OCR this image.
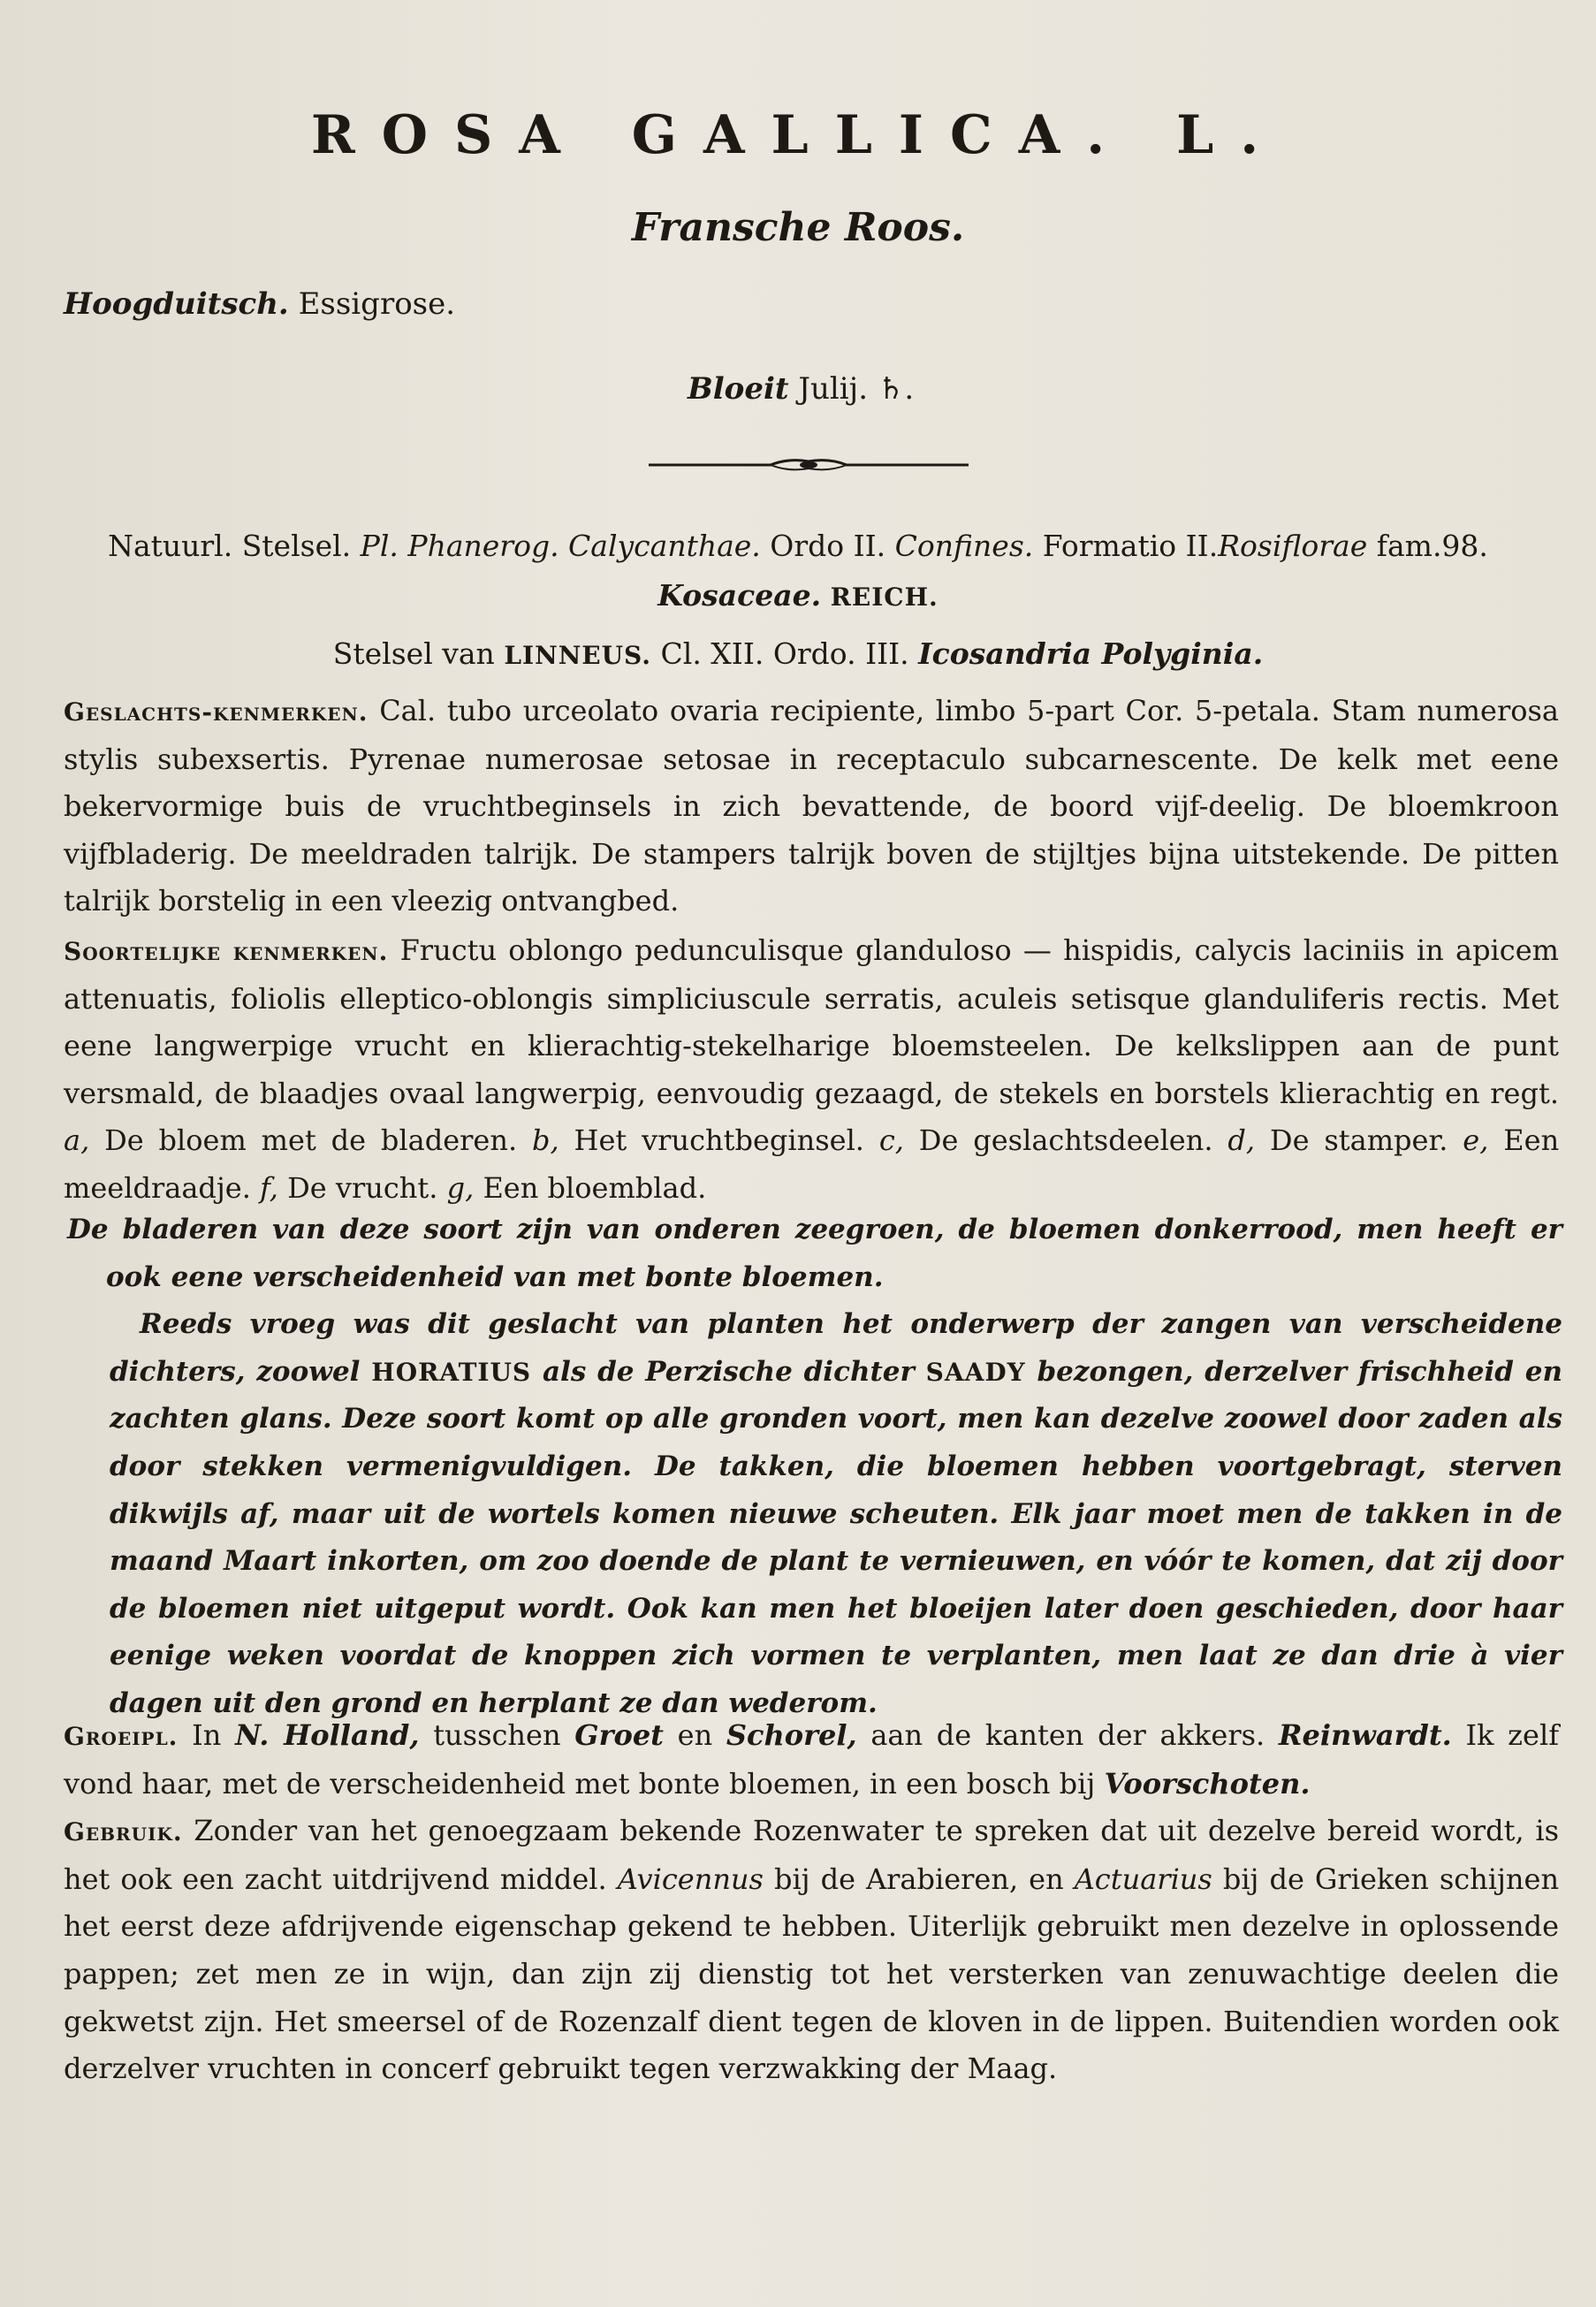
ROSA GALLICA. L.
Fransche Roos.
Hoogduitsch. Essigrose.
Bloeit Julij. ♄.
Natuurl. Stelsel. Pl. Phanerog. Calycanthae. Ordo II. Confines. Formatio II.Rosiflorae fam.98.
Kosaceae. REICH.
Stelsel van LINNEUS. Cl. XII. Ordo. III. Icosandria Polyginia.

Geslachts-kenmerken. Cal. tubo urceolato ovaria recipiente, limbo 5-part Cor. 5-petala. Stam numerosa stylis subexsertis. Pyrenae numerosae setosae in receptaculo subcarnescente. De kelk met eene bekervormige buis de vruchtbeginsels in zich bevattende, de boord vijf-deelig. De bloemkroon vijfbladerig. De meeldraden talrijk. De stampers talrijk boven de stijltjes bijna uitstekende. De pitten talrijk borstelig in een vleezig ontvangbed.

Soortelijke kenmerken. Fructu oblongo pedunculisque glanduloso — hispidis, calycis laciniis in apicem attenuatis, foliolis elleptico-oblongis simpliciuscule serratis, aculeis setisque glanduliferis rectis. Met eene langwerpige vrucht en klierachtig-stekelharige bloemsteelen. De kelkslippen aan de punt versmald, de blaadjes ovaal langwerpig, eenvoudig gezaagd, de stekels en borstels klierachtig en regt. a, De bloem met de bladeren. b, Het vruchtbeginsel. c, De geslachtsdeelen. d, De stamper. e, Een meeldraadje. f, De vrucht. g, Een bloemblad.

De bladeren van deze soort zijn van onderen zeegroen, de bloemen donkerrood, men heeft er ook eene verscheidenheid van met bonte bloemen.

Reeds vroeg was dit geslacht van planten het onderwerp der zangen van verscheidene dichters, zoowel HORATIUS als de Perzische dichter SAADY bezongen, derzelver frischheid en zachten glans. Deze soort komt op alle gronden voort, men kan dezelve zoowel door zaden als door stekken vermenigvuldigen. De takken, die bloemen hebben voortgebragt, sterven dikwijls af, maar uit de wortels komen nieuwe scheuten. Elk jaar moet men de takken in de maand Maart inkorten, om zoo doende de plant te vernieuwen, en vóór te komen, dat zij door de bloemen niet uitgeput wordt. Ook kan men het bloeijen later doen geschieden, door haar eenige weken voordat de knoppen zich vormen te verplanten, men laat ze dan drie à vier dagen uit den grond en herplant ze dan wederom.

Groeipl. In N. Holland, tusschen Groet en Schorel, aan de kanten der akkers. Reinwardt. Ik zelf vond haar, met de verscheidenheid met bonte bloemen, in een bosch bij Voorschoten.

Gebruik. Zonder van het genoegzaam bekende Rozenwater te spreken dat uit dezelve bereid wordt, is het ook een zacht uitdrijvend middel. Avicennus bij de Arabieren, en Actuarius bij de Grieken schijnen het eerst deze afdrijvende eigenschap gekend te hebben. Uiterlijk gebruikt men dezelve in oplossende pappen; zet men ze in wijn, dan zijn zij dienstig tot het versterken van zenuwachtige deelen die gekwetst zijn. Het smeersel of de Rozenzalf dient tegen de kloven in de lippen. Buitendien worden ook derzelver vruchten in concerf gebruikt tegen verzwakking der Maag.
